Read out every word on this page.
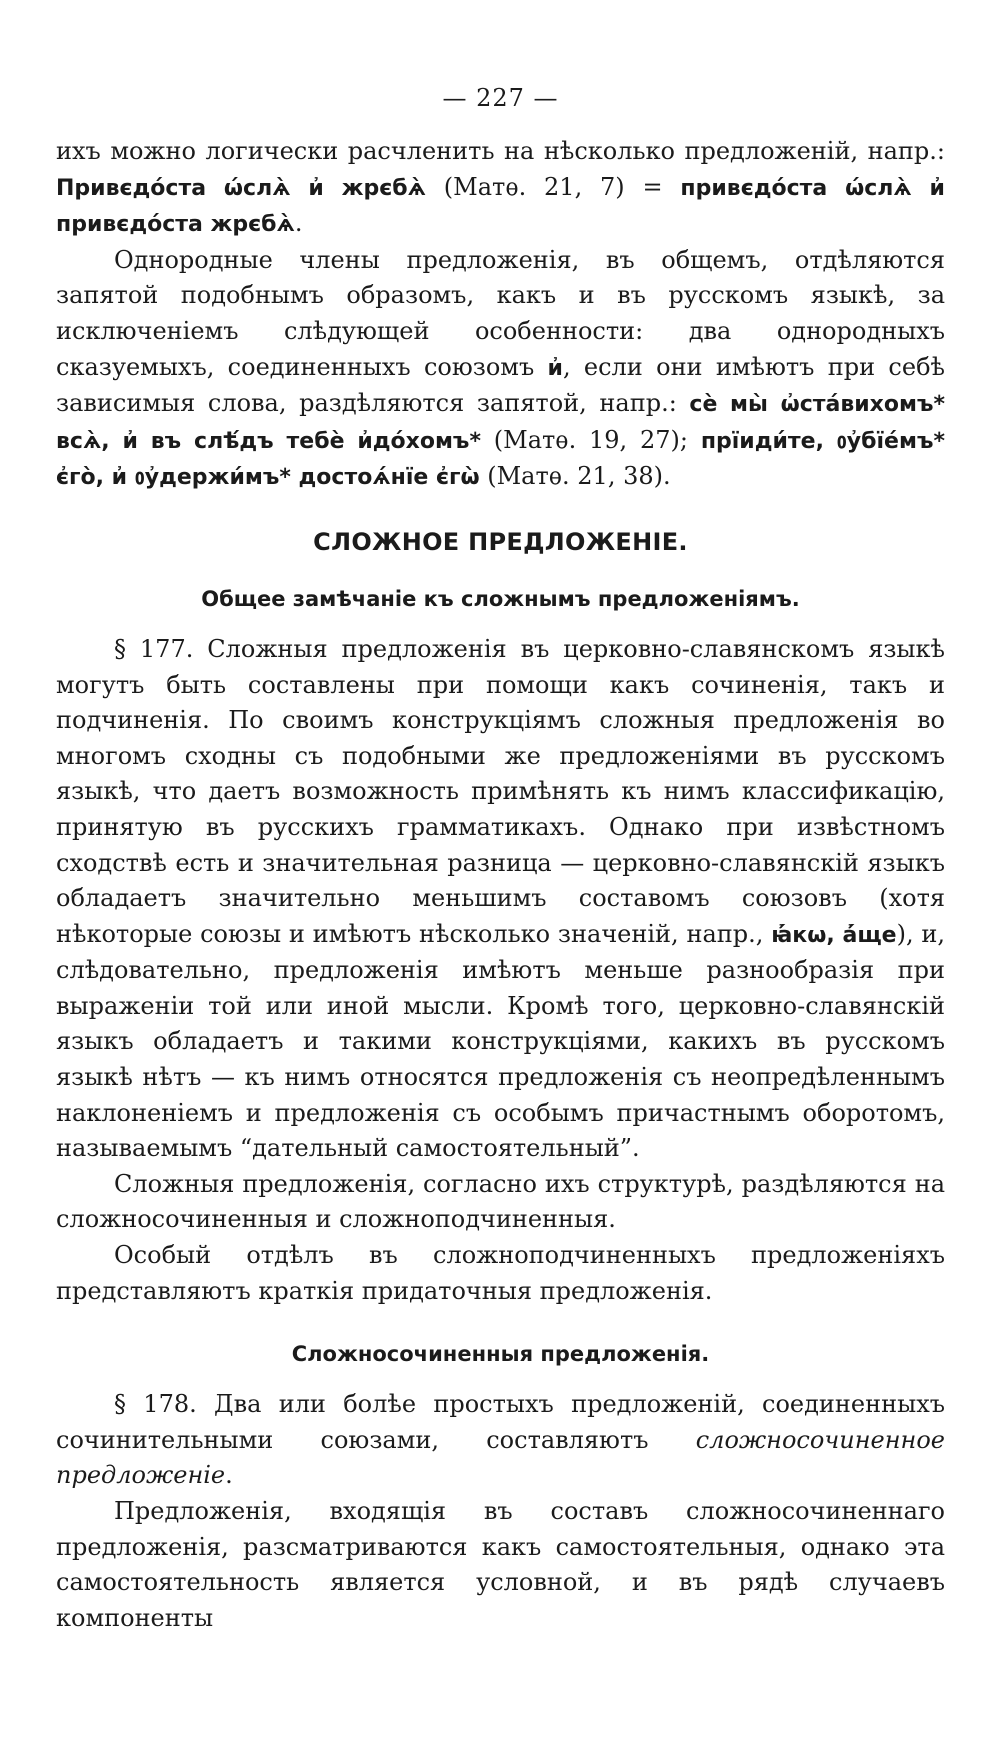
— 227 —

ихъ можно логически расчленить на нѣсколько предложеній, напр.: Привєдо́ста ѡ́слѧ̀ и҆ жрєбѧ̀ (Матѳ. 21, 7) = привєдо́ста ѡ́слѧ̀ и҆ привєдо́ста жрєбѧ̀.

Однородные члены предложенія, въ общемъ, отдѣляются запятой подобнымъ образомъ, какъ и въ русскомъ языкѣ, за исключеніемъ слѣдующей особенности: два однородныхъ сказуемыхъ, соединенныхъ союзомъ и҆, если они имѣютъ при себѣ зависимыя слова, раздѣляются запятой, напр.: сѐ мы̀ ѡ҆ста́вихомъ* всѧ̀, и҆ въ слѣ́дъ тебѐ и҆до́хомъ* (Матѳ. 19, 27); прїиди́те, ᲂу҆бїе́мъ* є҆го̀, и҆ ᲂу҆держи́мъ* достоѧ́нїе є҆гѡ̀ (Матѳ. 21, 38).

СЛОЖНОЕ ПРЕДЛОЖЕНІЕ.
Общее замѣчаніе къ сложнымъ предложеніямъ.

§ 177. Сложныя предложенія въ церковно-славянскомъ языкѣ могутъ быть составлены при помощи какъ сочиненія, такъ и подчиненія. По своимъ конструкціямъ сложныя предложенія во многомъ сходны съ подобными же предложеніями въ русскомъ языкѣ, что даетъ возможность примѣнять къ нимъ классификацію, принятую въ русскихъ грамматикахъ. Однако при извѣстномъ сходствѣ есть и значительная разница — церковно-славянскій языкъ обладаетъ значительно меньшимъ составомъ союзовъ (хотя нѣкоторые союзы и имѣютъ нѣсколько значеній, напр., ꙗ҆́кѡ, а҆́ще), и, слѣдовательно, предложенія имѣютъ меньше разнообразія при выраженіи той или иной мысли. Кромѣ того, церковно-славянскій языкъ обладаетъ и такими конструкціями, какихъ въ русскомъ языкѣ нѣтъ — къ нимъ относятся предложенія съ неопредѣленнымъ наклоненіемъ и предложенія съ особымъ причастнымъ оборотомъ, называемымъ “дательный самостоятельный”.

Сложныя предложенія, согласно ихъ структурѣ, раздѣляются на сложносочиненныя и сложноподчиненныя.

Особый отдѣлъ въ сложноподчиненныхъ предложеніяхъ представляютъ краткія придаточныя предложенія.

Сложносочиненныя предложенія.

§ 178. Два или болѣе простыхъ предложеній, соединенныхъ сочинительными союзами, составляютъ сложносочиненное предложеніе.

Предложенія, входящія въ составъ сложносочиненнаго предложенія, разсматриваются какъ самостоятельныя, однако эта самостоятельность является условной, и въ рядѣ случаевъ компоненты
